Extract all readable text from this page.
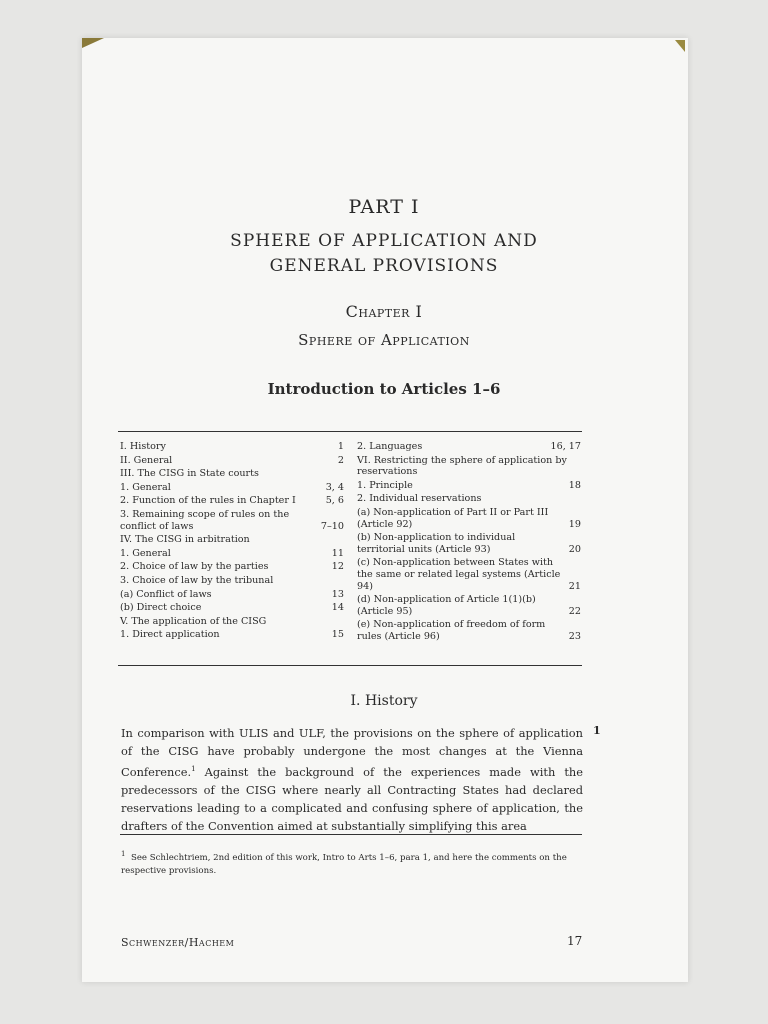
PART I
SPHERE OF APPLICATION AND
GENERAL PROVISIONS
Chapter I
Sphere of Application
Introduction to Articles 1–6
I. History	1
II. General	2
III. The CISG in State courts
1. General	3, 4
2. Function of the rules in Chapter I	5, 6
3. Remaining scope of rules on the conflict of laws	7–10
IV. The CISG in arbitration
1. General	11
2. Choice of law by the parties	12
3. Choice of law by the tribunal
(a) Conflict of laws	13
(b) Direct choice	14
V. The application of the CISG
1. Direct application	15
2. Languages	16, 17
VI. Restricting the sphere of application by reservations
1. Principle	18
2. Individual reservations
(a) Non-application of Part II or Part III (Article 92)	19
(b) Non-application to individual territorial units (Article 93)	20
(c) Non-application between States with the same or related legal systems (Article 94)	21
(d) Non-application of Article 1(1)(b) (Article 95)	22
(e) Non-application of freedom of form rules (Article 96)	23
I. History
1
In comparison with ULIS and ULF, the provisions on the sphere of application of the CISG have probably undergone the most changes at the Vienna Conference.$^1$ Against the background of the experiences made with the predecessors of the CISG where nearly all Contracting States had declared reservations leading to a complicated and confusing sphere of application, the drafters of the Convention aimed at substantially simplifying this area
$^1$ See Schlechtriem, 2nd edition of this work, Intro to Arts 1–6, para 1, and here the comments on the respective provisions.
Schwenzer/Hachem	17
